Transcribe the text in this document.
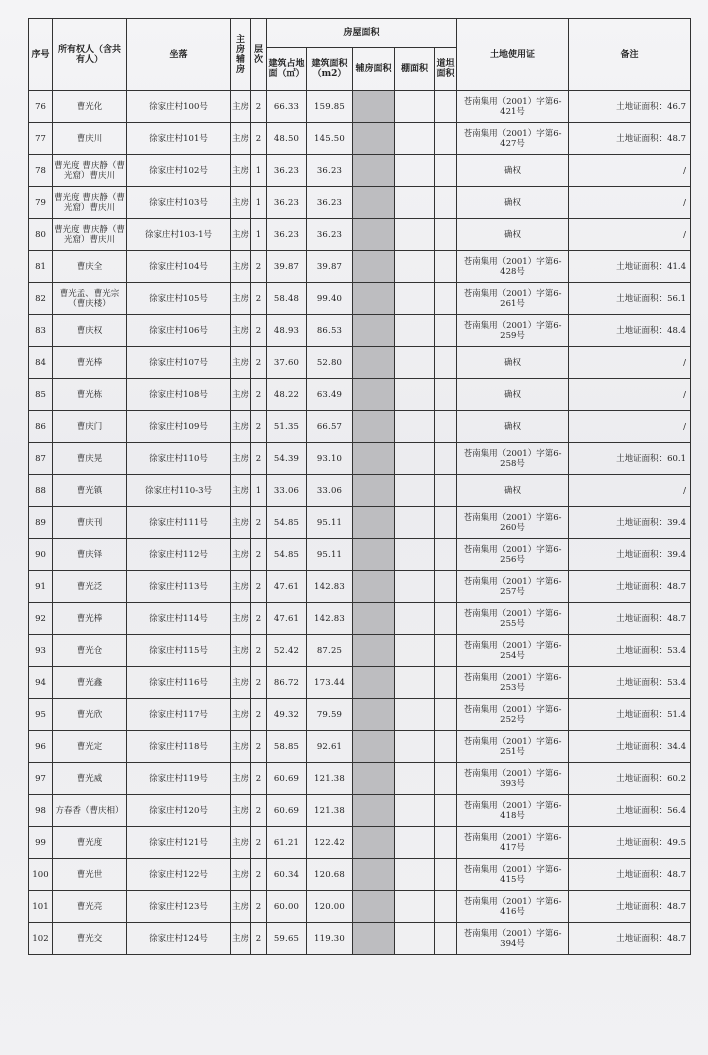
序号	所有权人（含共有人）	坐落	主房辅房	层次	房屋面积					土地使用证	备注
					建筑占地面（㎡）	建筑面积（m2）	辅房面积	棚面积	道坦面积		
76	曹光化	徐家庄村100号	主房	2	66.33	159.85				苍南集用（2001）字第6-421号	土地证面积：46.7
77	曹庆川	徐家庄村101号	主房	2	48.50	145.50				苍南集用（2001）字第6-427号	土地证面积：48.7
78	曹光度 曹庆静（曹光窟）曹庆川	徐家庄村102号	主房	1	36.23	36.23				确权	/
79	曹光度 曹庆静（曹光窟）曹庆川	徐家庄村103号	主房	1	36.23	36.23				确权	/
80	曹光度 曹庆静（曹光窟）曹庆川	徐家庄村103-1号	主房	1	36.23	36.23				确权	/
81	曹庆全	徐家庄村104号	主房	2	39.87	39.87				苍南集用（2001）字第6-428号	土地证面积：41.4
82	曹光孟、曹光宗（曹庆楼）	徐家庄村105号	主房	2	58.48	99.40				苍南集用（2001）字第6-261号	土地证面积：56.1
83	曹庆权	徐家庄村106号	主房	2	48.93	86.53				苍南集用（2001）字第6-259号	土地证面积：48.4
84	曹光棒	徐家庄村107号	主房	2	37.60	52.80				确权	/
85	曹光栋	徐家庄村108号	主房	2	48.22	63.49				确权	/
86	曹庆门	徐家庄村109号	主房	2	51.35	66.57				确权	/
87	曹庆晃	徐家庄村110号	主房	2	54.39	93.10				苍南集用（2001）字第6-258号	土地证面积：60.1
88	曹光镇	徐家庄村110-3号	主房	1	33.06	33.06				确权	/
89	曹庆刊	徐家庄村111号	主房	2	54.85	95.11				苍南集用（2001）字第6-260号	土地证面积：39.4
90	曹庆铎	徐家庄村112号	主房	2	54.85	95.11				苍南集用（2001）字第6-256号	土地证面积：39.4
91	曹光泛	徐家庄村113号	主房	2	47.61	142.83				苍南集用（2001）字第6-257号	土地证面积：48.7
92	曹光棒	徐家庄村114号	主房	2	47.61	142.83				苍南集用（2001）字第6-255号	土地证面积：48.7
93	曹光仓	徐家庄村115号	主房	2	52.42	87.25				苍南集用（2001）字第6-254号	土地证面积：53.4
94	曹光鑫	徐家庄村116号	主房	2	86.72	173.44				苍南集用（2001）字第6-253号	土地证面积：53.4
95	曹光欣	徐家庄村117号	主房	2	49.32	79.59				苍南集用（2001）字第6-252号	土地证面积：51.4
96	曹光定	徐家庄村118号	主房	2	58.85	92.61				苍南集用（2001）字第6-251号	土地证面积：34.4
97	曹光威	徐家庄村119号	主房	2	60.69	121.38				苍南集用（2001）字第6-393号	土地证面积：60.2
98	方春香（曹庆相）	徐家庄村120号	主房	2	60.69	121.38				苍南集用（2001）字第6-418号	土地证面积：56.4
99	曹光度	徐家庄村121号	主房	2	61.21	122.42				苍南集用（2001）字第6-417号	土地证面积：49.5
100	曹光世	徐家庄村122号	主房	2	60.34	120.68				苍南集用（2001）字第6-415号	土地证面积：48.7
101	曹光亮	徐家庄村123号	主房	2	60.00	120.00				苍南集用（2001）字第6-416号	土地证面积：48.7
102	曹光交	徐家庄村124号	主房	2	59.65	119.30				苍南集用（2001）字第6-394号	土地证面积：48.7
